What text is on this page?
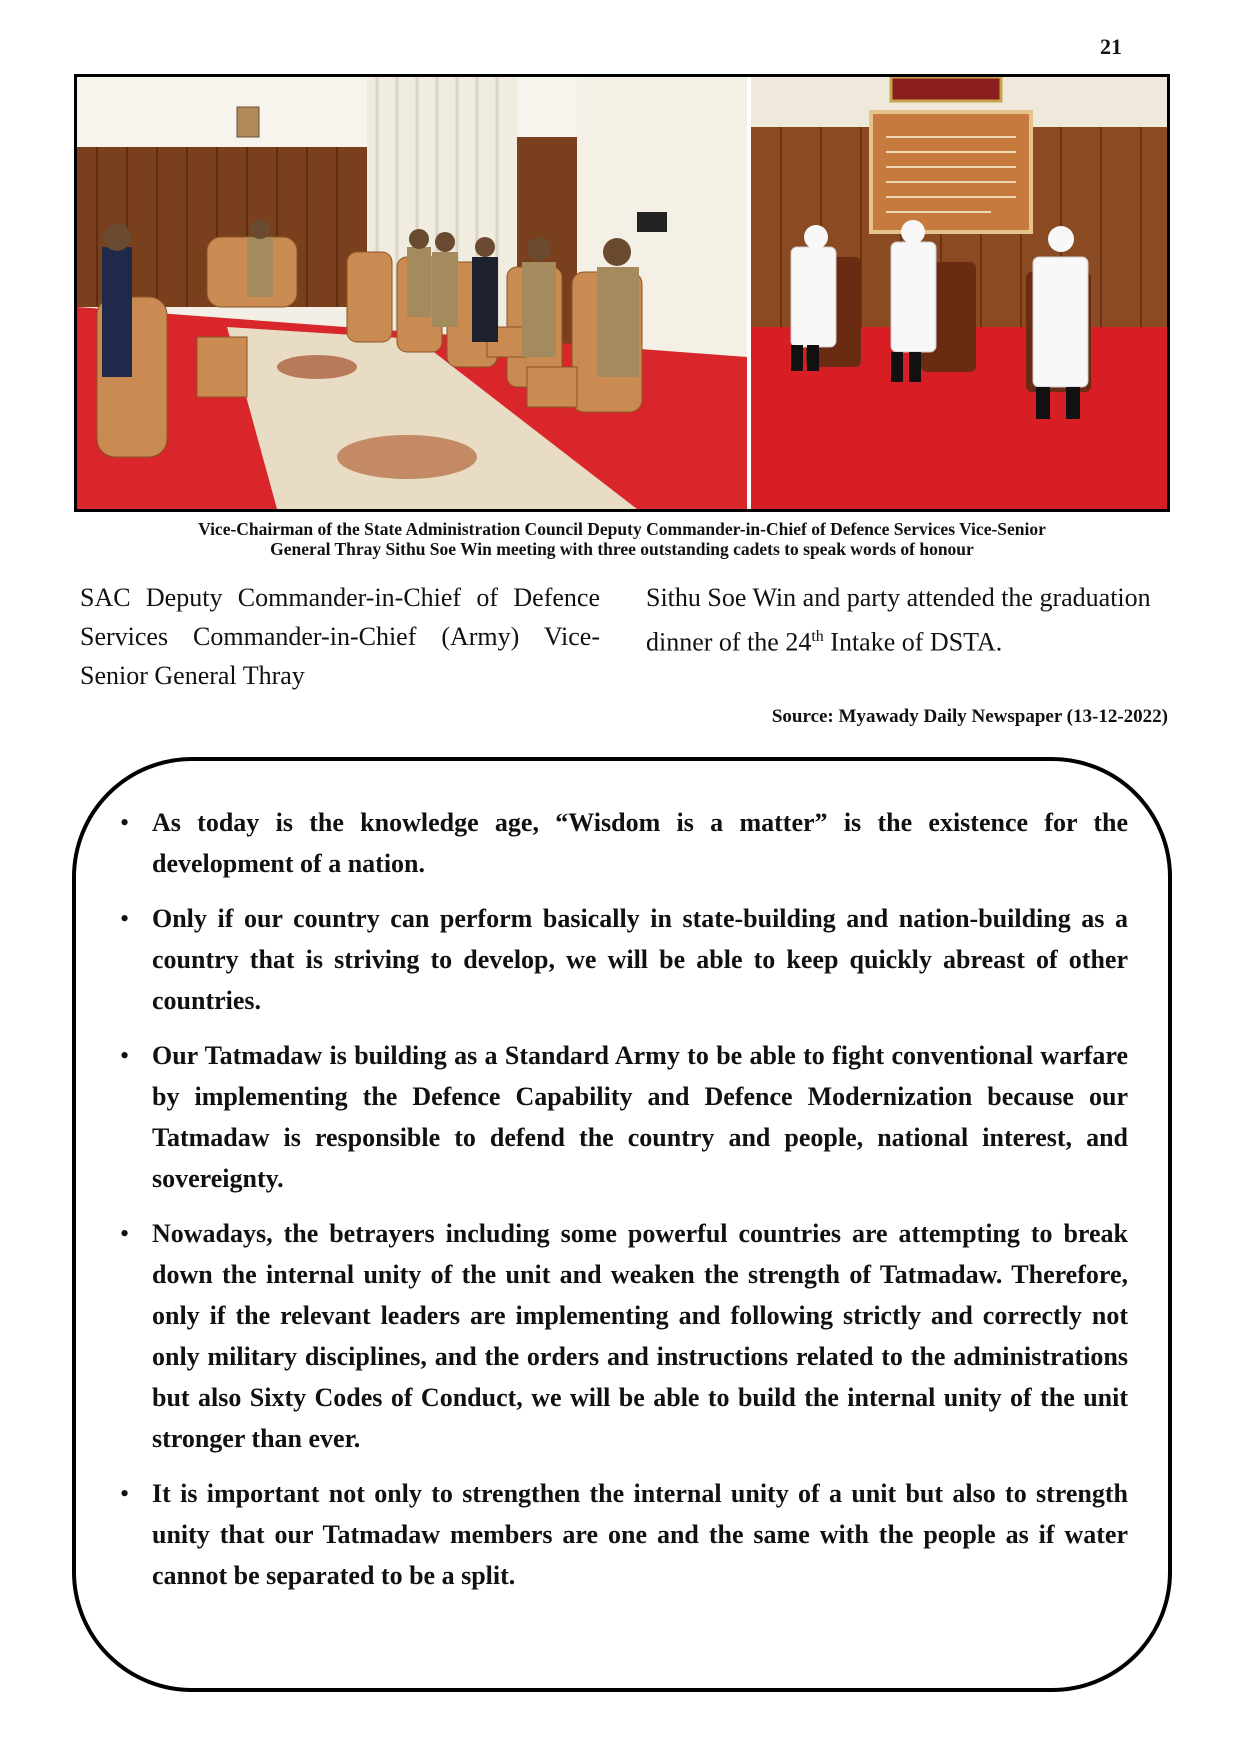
21
Vice-Chairman of the State Administration Council Deputy Commander-in-Chief of Defence Services Vice-Senior
General Thray Sithu Soe Win meeting with three outstanding cadets to speak words of honour
SAC Deputy Commander-in-Chief of Defence Services Commander-in-Chief (Army) Vice-Senior General Thray
Sithu Soe Win and party attended the graduation dinner of the 24th Intake of DSTA.
Source: Myawady Daily Newspaper (13-12-2022)
• As today is the knowledge age, “Wisdom is a matter” is the existence for the development of a nation.
• Only if our country can perform basically in state-building and nation-building as a country that is striving to develop, we will be able to keep quickly abreast of other countries.
• Our Tatmadaw is building as a Standard Army to be able to fight conventional warfare by implementing the Defence Capability and Defence Modernization because our Tatmadaw is responsible to defend the country and people, national interest, and sovereignty.
• Nowadays, the betrayers including some powerful countries are attempting to break down the internal unity of the unit and weaken the strength of Tatmadaw. Therefore, only if the relevant leaders are implementing and following strictly and correctly not only military disciplines, and the orders and instructions related to the administrations but also Sixty Codes of Conduct, we will be able to build the internal unity of the unit stronger than ever.
• It is important not only to strengthen the internal unity of a unit but also to strength unity that our Tatmadaw members are one and the same with the people as if water cannot be separated to be a split.
